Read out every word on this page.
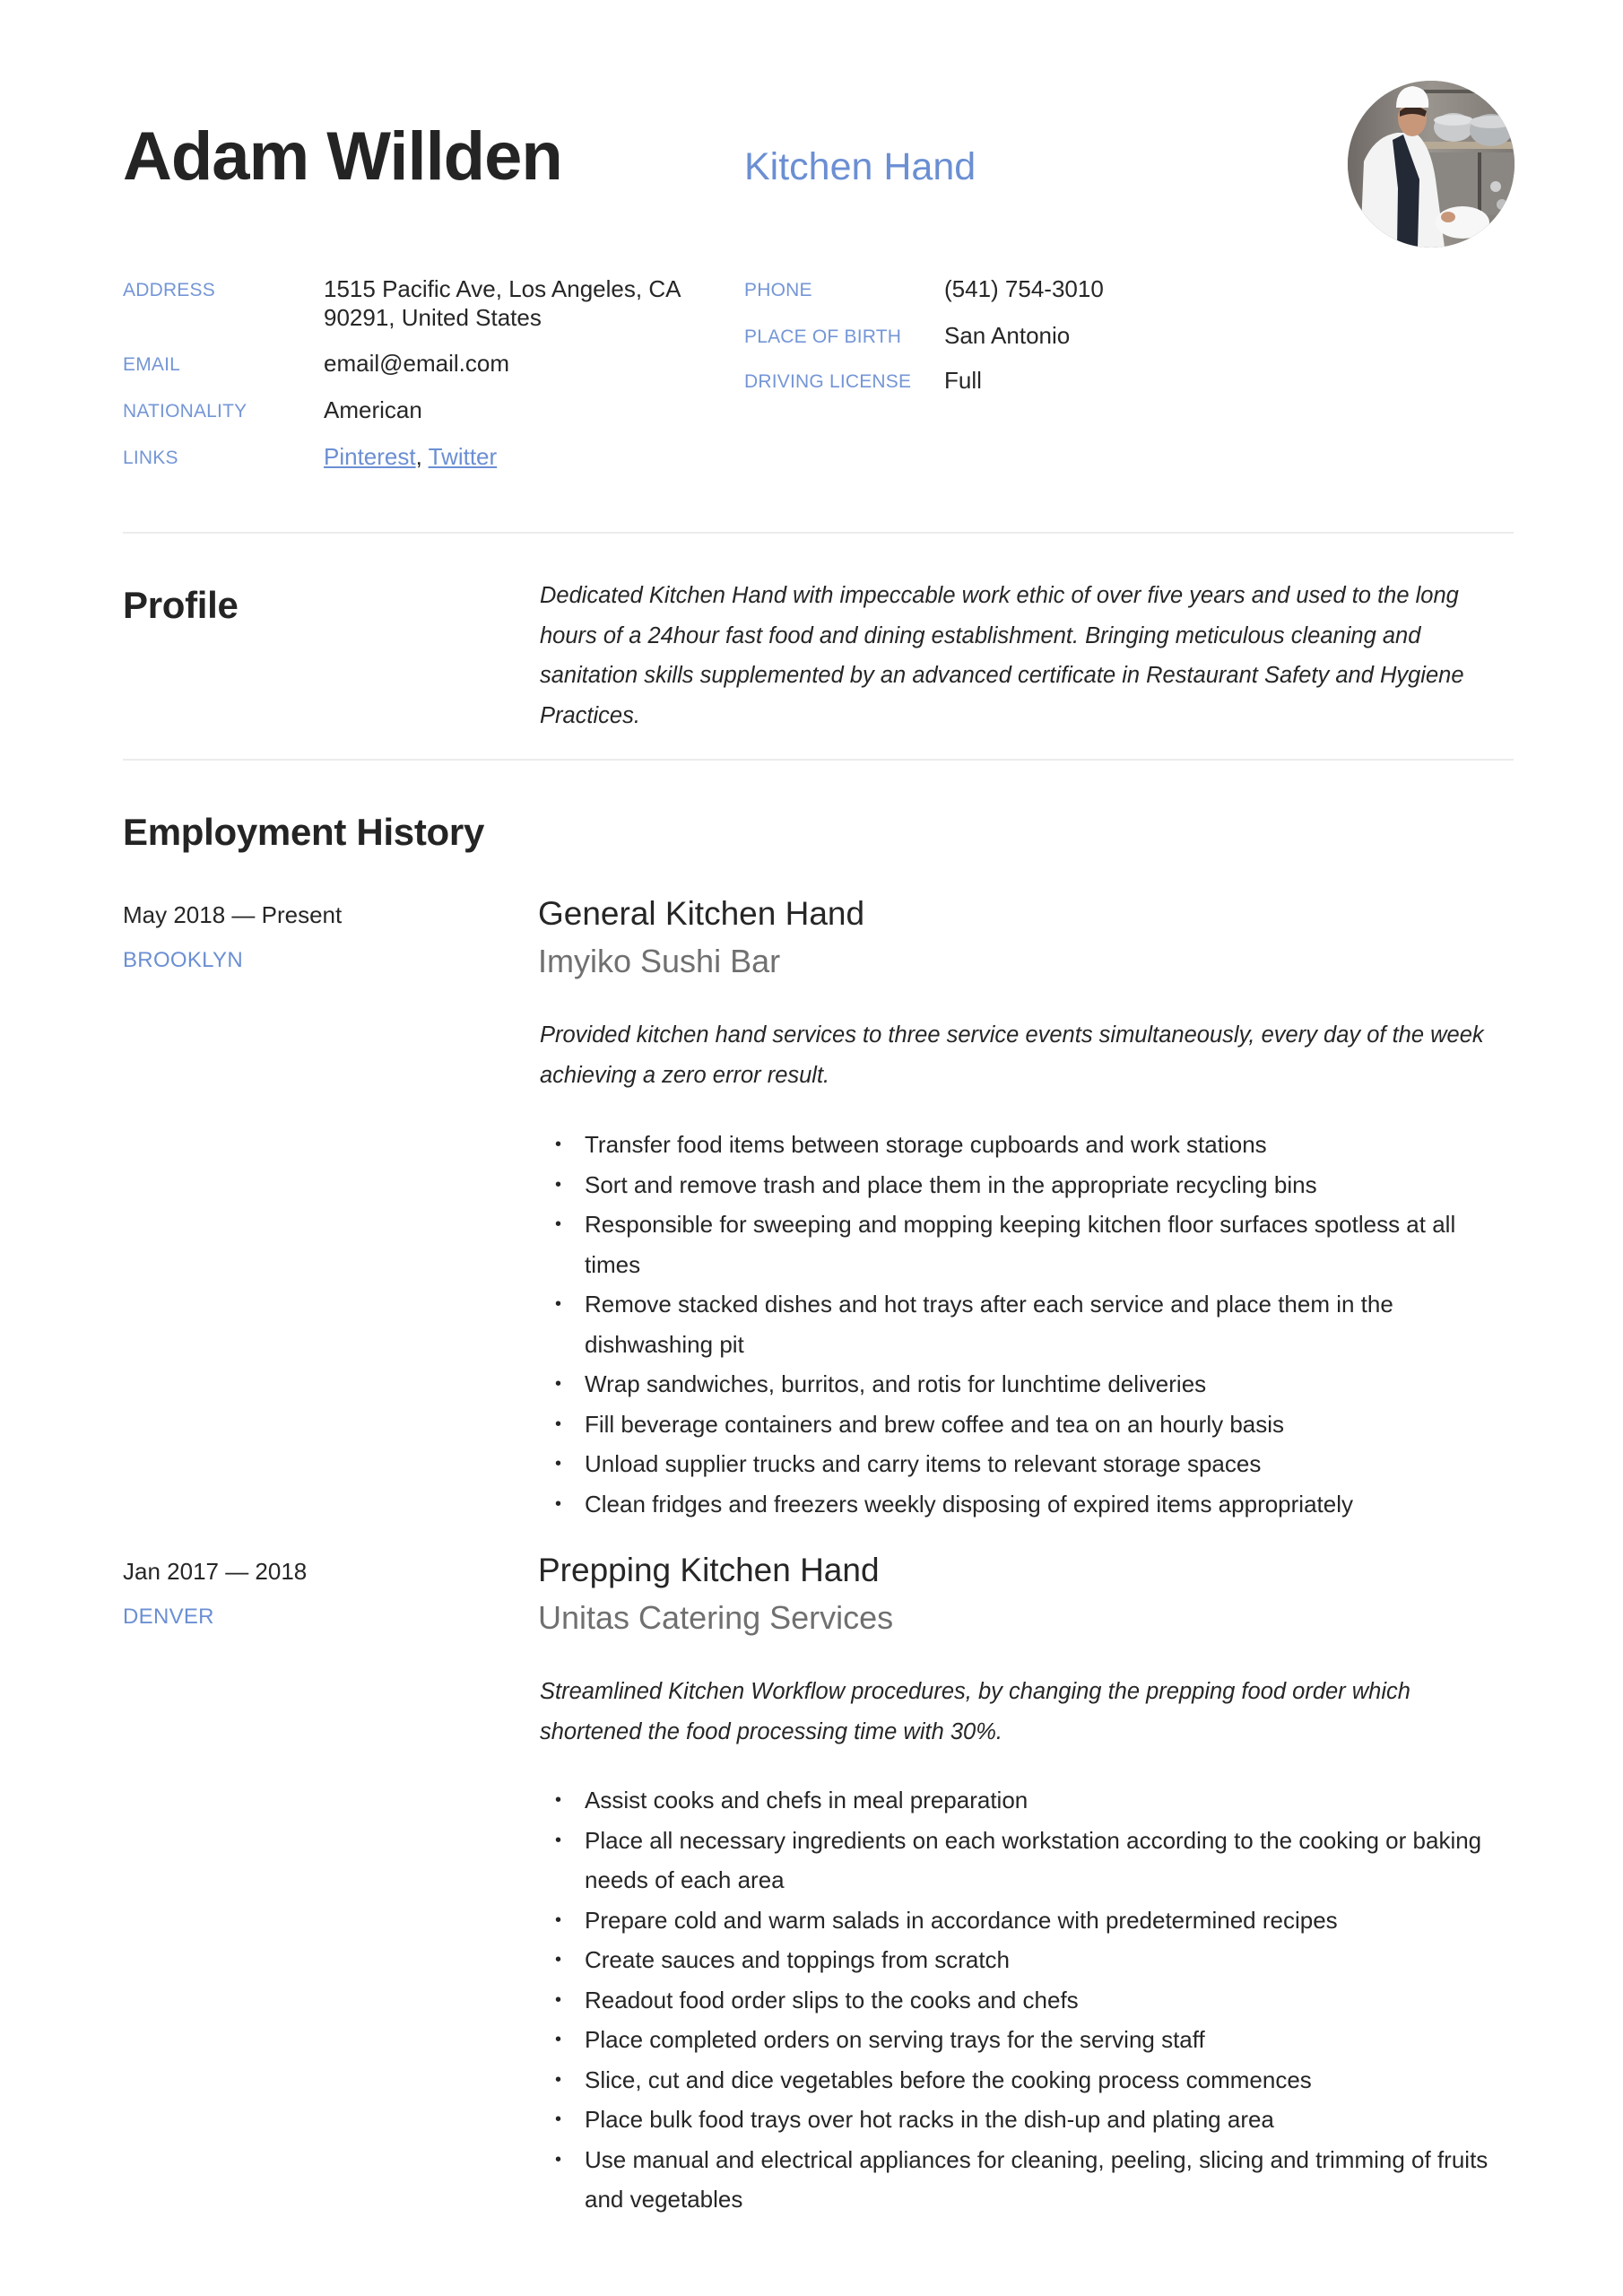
Adam Willden	Kitchen Hand
ADDRESS	1515 Pacific Ave, Los Angeles, CA
90291, United States
EMAIL	email@email.com
NATIONALITY	American
LINKS	Pinterest, Twitter
PHONE	(541) 754-3010
PLACE OF BIRTH San Antonio
DRIVING LICENSE Full
Profile	Dedicated Kitchen Hand with impeccable work ethic of over five years and used to the long hours of a 24hour fast food and dining establishment. Bringing meticulous cleaning and sanitation skills supplemented by an advanced certificate in Restaurant Safety and Hygiene Practices.
Employment History
May 2018 — Present
BROOKLYN
General Kitchen Hand
Imyiko Sushi Bar
Provided kitchen hand services to three service events simultaneously, every day of the week achieving a zero error result.
• Transfer food items between storage cupboards and work stations
• Sort and remove trash and place them in the appropriate recycling bins
• Responsible for sweeping and mopping keeping kitchen floor surfaces spotless at all times
• Remove stacked dishes and hot trays after each service and place them in the dishwashing pit
• Wrap sandwiches, burritos, and rotis for lunchtime deliveries
• Fill beverage containers and brew coffee and tea on an hourly basis
• Unload supplier trucks and carry items to relevant storage spaces
• Clean fridges and freezers weekly disposing of expired items appropriately
Jan 2017 — 2018
DENVER
Prepping Kitchen Hand
Unitas Catering Services
Streamlined Kitchen Workflow procedures, by changing the prepping food order which shortened the food processing time with 30%.
• Assist cooks and chefs in meal preparation
• Place all necessary ingredients on each workstation according to the cooking or baking needs of each area
• Prepare cold and warm salads in accordance with predetermined recipes
• Create sauces and toppings from scratch
• Readout food order slips to the cooks and chefs
• Place completed orders on serving trays for the serving staff
• Slice, cut and dice vegetables before the cooking process commences
• Place bulk food trays over hot racks in the dish-up and plating area
• Use manual and electrical appliances for cleaning, peeling, slicing and trimming of fruits and vegetables
